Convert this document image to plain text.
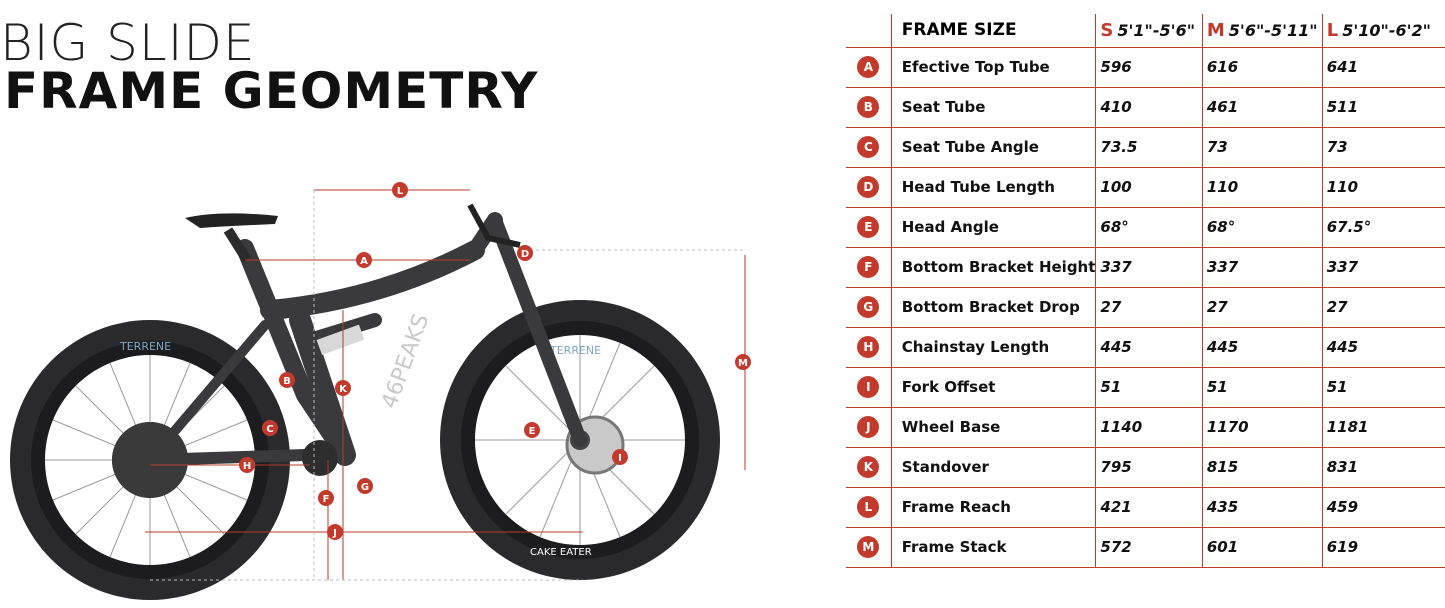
BIG SLIDE
FRAME GEOMETRY
TERRENE	TERRENE
CAKE EATER
46PEAKS
L
A
D
M
B
K
C	E
I
H
G
F
J
	FRAME SIZE	S 5'1"-5'6"	M 5'6"-5'11"	L 5'10"-6'2"
A	Efective Top Tube	596	616	641
B	Seat Tube	410	461	511
C	Seat Tube Angle	73.5	73	73
D	Head Tube Length	100	110	110
E	Head Angle	68°	68°	67.5°
F	Bottom Bracket Height	337	337	337
G	Bottom Bracket Drop	27	27	27
H	Chainstay Length	445	445	445
I	Fork Offset	51	51	51
J	Wheel Base	1140	1170	1181
K	Standover	795	815	831
L	Frame Reach	421	435	459
M	Frame Stack	572	601	619
